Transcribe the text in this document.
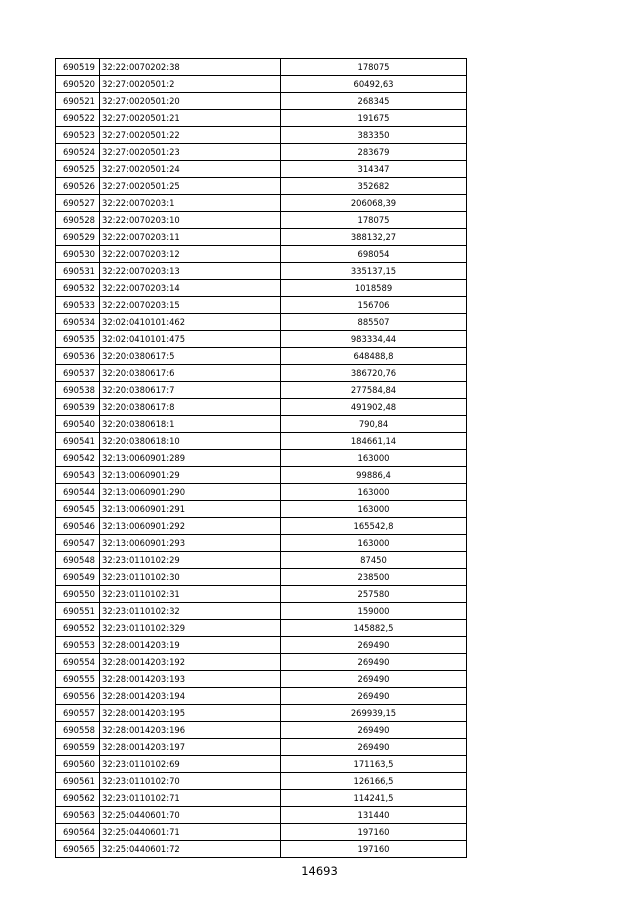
690519	32:22:0070202:38	178075
690520	32:27:0020501:2	60492,63
690521	32:27:0020501:20	268345
690522	32:27:0020501:21	191675
690523	32:27:0020501:22	383350
690524	32:27:0020501:23	283679
690525	32:27:0020501:24	314347
690526	32:27:0020501:25	352682
690527	32:22:0070203:1	206068,39
690528	32:22:0070203:10	178075
690529	32:22:0070203:11	388132,27
690530	32:22:0070203:12	698054
690531	32:22:0070203:13	335137,15
690532	32:22:0070203:14	1018589
690533	32:22:0070203:15	156706
690534	32:02:0410101:462	885507
690535	32:02:0410101:475	983334,44
690536	32:20:0380617:5	648488,8
690537	32:20:0380617:6	386720,76
690538	32:20:0380617:7	277584,84
690539	32:20:0380617:8	491902,48
690540	32:20:0380618:1	790,84
690541	32:20:0380618:10	184661,14
690542	32:13:0060901:289	163000
690543	32:13:0060901:29	99886,4
690544	32:13:0060901:290	163000
690545	32:13:0060901:291	163000
690546	32:13:0060901:292	165542,8
690547	32:13:0060901:293	163000
690548	32:23:0110102:29	87450
690549	32:23:0110102:30	238500
690550	32:23:0110102:31	257580
690551	32:23:0110102:32	159000
690552	32:23:0110102:329	145882,5
690553	32:28:0014203:19	269490
690554	32:28:0014203:192	269490
690555	32:28:0014203:193	269490
690556	32:28:0014203:194	269490
690557	32:28:0014203:195	269939,15
690558	32:28:0014203:196	269490
690559	32:28:0014203:197	269490
690560	32:23:0110102:69	171163,5
690561	32:23:0110102:70	126166,5
690562	32:23:0110102:71	114241,5
690563	32:25:0440601:70	131440
690564	32:25:0440601:71	197160
690565	32:25:0440601:72	197160
14693
